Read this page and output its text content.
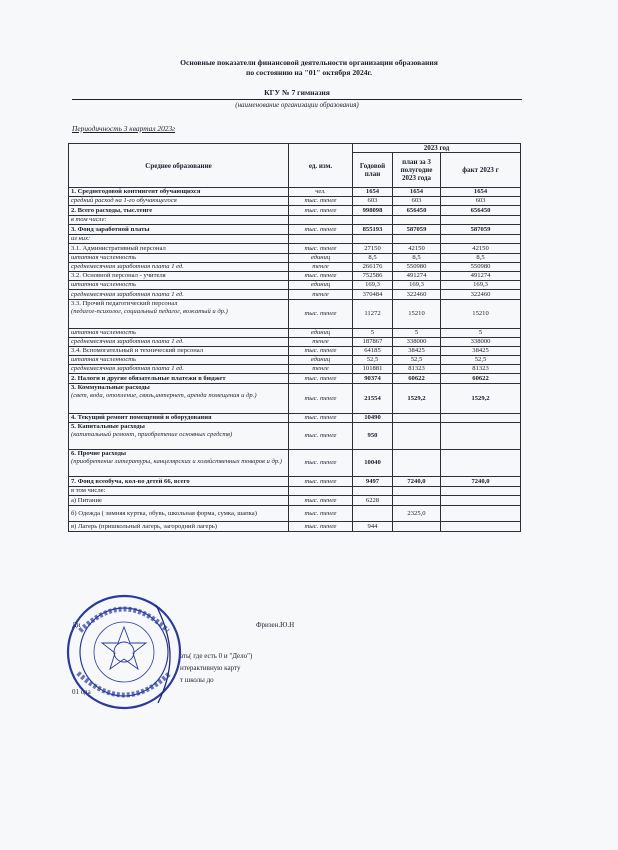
Основные показатели финансовой деятельности организации образования
по состоянию на "01" октября 2024г.
КГУ № 7 гимназия
(наименование организации образования)
Периодичность 3 квартал 2023г
Среднее образование	ед. изм.	2023 год		
		Годовой план	план за 3 полугодие 2023 года	факт 2023 г
1. Среднегодовой контингент обучающихся	чел.	1654	1654	1654
средний расход на 1-го обучающегося	тыс. тенге	603	603	603
2. Всего расходы, тыс.тенге	тыс. тенге	998098	656450	656450
в том числе:				
3. Фонд заработной платы	тыс. тенге	855193	587059	587059
из них:				
3.1. Административный персонал	тыс. тенге	27150	42150	42150
штатная численность	единиц	8,5	8,5	8,5
среднемесячная заработная плата 1 ед.	тенге	266176	550980	550980
3.2. Основной персонал - учителя	тыс. тенге	752586	491274	491274
штатная численность	единиц	169,3	169,3	169,3
среднемесячная заработная плата 1 ед.	тенге	370484	322460	322460
3.3. Прочий педагогический персонал
(педагог-психолог, социальный педагог, вожатый и др.)	тыс. тенге	11272	15210	15210
штатная численность	единиц	5	5	5
среднемесячная заработная плата 1 ед.	тенге	187867	338000	338000
3.4. Вспомогательный и технический персонал	тыс. тенге	64185	38425	38425
штатная численность	единиц	52,5	52,5	52,5
среднемесячная заработная плата 1 ед.	тенге	101881	81323	81323
2. Налоги и другие обязательные платежи в бюджет	тыс. тенге	90374	60622	60622
3. Коммунальные расходы
(свет, вода, отопление, связь,интернет, аренда помещения и др.)	тыс. тенге	21554	1529,2	1529,2
4. Текущий ремонт помещений и оборудования	тыс. тенге	10490		
5. Капитальные расходы
(капитальный ремонт, приобретение основных средств)	тыс. тенге	950		
6. Прочие расходы
(приобретение литературы, канцелярских и хозяйственных товаров и др.)	тыс. тенге	10040		
7. Фонд всеобуча, кол-во детей 66, всего	тыс. тенге	9497	7240,0	7240,0
в том числе:				
а) Питание	тыс. тенге	6228		
б) Одежда ( зимняя куртка, обувь, школьная форма, сумка, шапка)	тыс. тенге		2325,0	
в) Лагерь (пришкольный лагерь, загородний лагерь)	тыс. тенге	944		
Ди	Фризен.Ю.Н
ать( где есть 0 и "Дело")
нтерактивную карту
т школы до
01 ода
